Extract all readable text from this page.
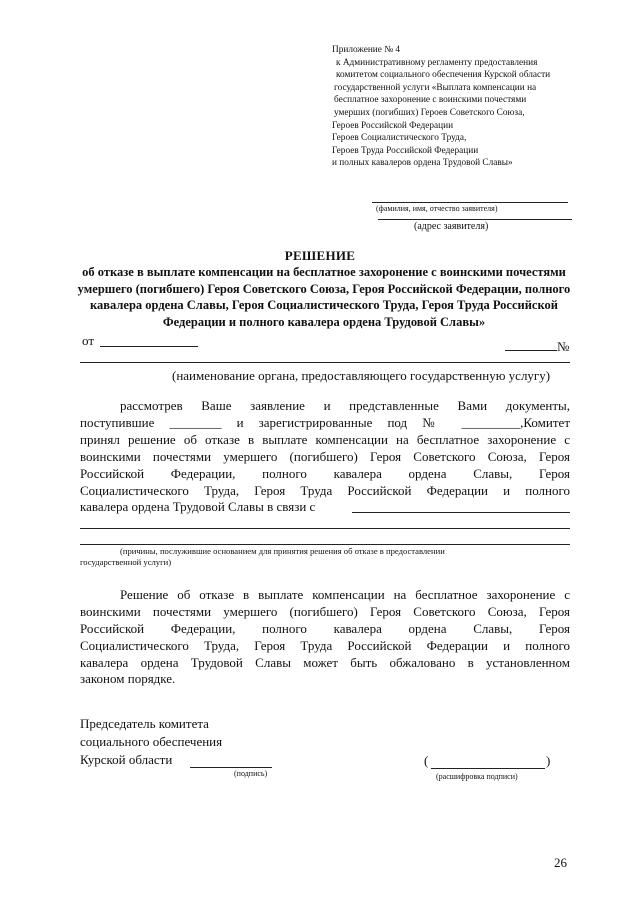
Приложение № 4
к Административному регламенту предоставления
комитетом социального обеспечения Курской области
государственной услуги «Выплата компенсации на
бесплатное захоронение с воинскими почестями
умерших (погибших) Героев Советского Союза,
Героев Российской Федерации
Героев Социалистического Труда,
Героев Труда Российской Федерации
и полных кавалеров ордена Трудовой Славы»
(фамилия, имя, отчество заявителя)
(адрес заявителя)
РЕШЕНИЕ
об отказе в выплате компенсации на бесплатное захоронение с воинскими почестями умершего (погибшего) Героя Советского Союза, Героя Российской Федерации, полного кавалера ордена Славы, Героя Социалистического Труда, Героя Труда Российской Федерации и полного кавалера ордена Трудовой Славы»
от	№
(наименование органа, предоставляющего государственную услугу)
рассмотрев Ваше заявление и представленные Вами документы,
поступившие ________ и зарегистрированные под № _________,Комитет
принял решение об отказе в выплате компенсации на бесплатное захоронение с
воинскими почестями умершего (погибшего) Героя Советского Союза, Героя
Российской Федерации, полного кавалера ордена Славы, Героя
Социалистического Труда, Героя Труда Российской Федерации и полного
кавалера ордена Трудовой Славы в связи с
(причины, послужившие основанием для принятия решения об отказе в предоставлении
государственной услуги)
Решение об отказе в выплате компенсации на бесплатное захоронение с
воинскими почестями умершего (погибшего) Героя Советского Союза, Героя
Российской Федерации, полного кавалера ордена Славы, Героя
Социалистического Труда, Героя Труда Российской Федерации и полного
кавалера ордена Трудовой Славы может быть обжаловано в установленном
законом порядке.
Председатель комитета
социального обеспечения
Курской области
(подпись)
(	)
(расшифровка подписи)
26
